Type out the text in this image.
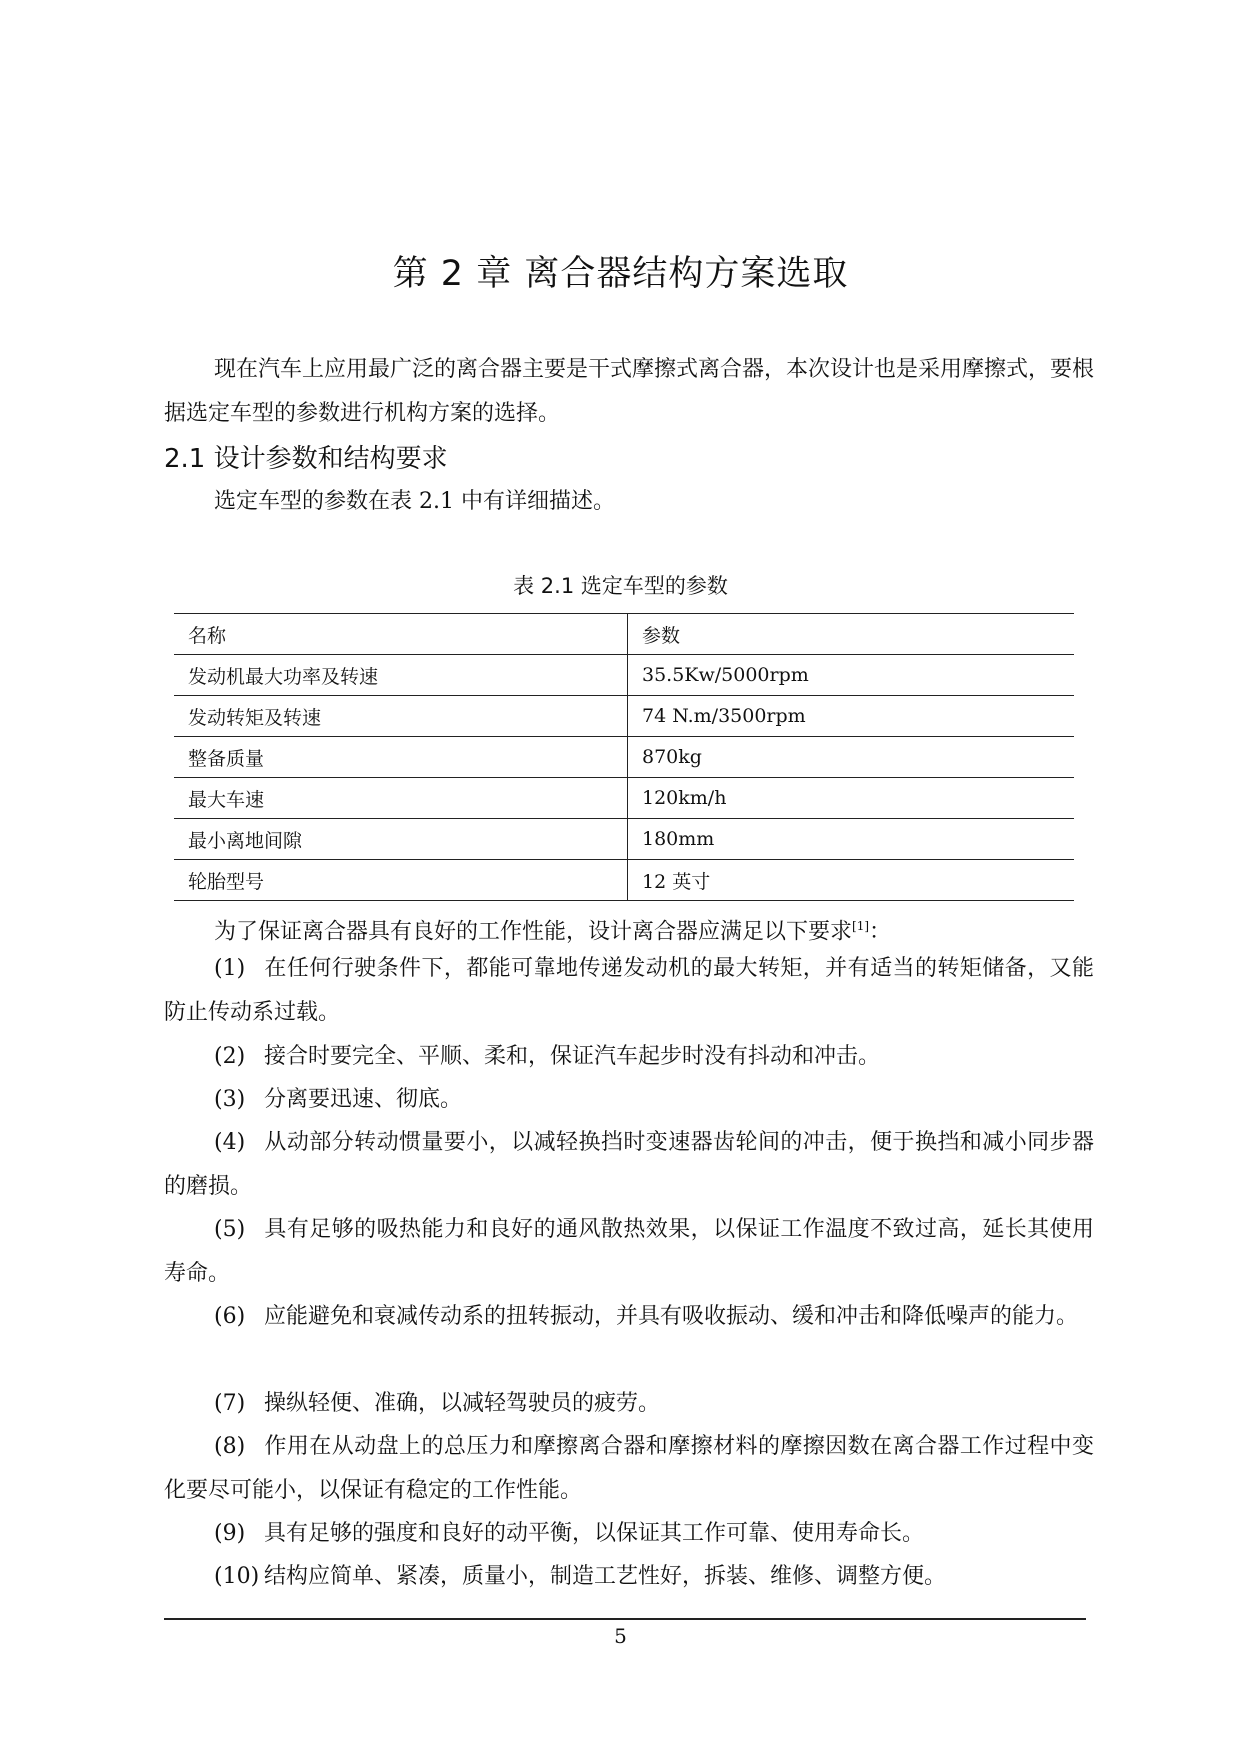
第 2 章 离合器结构方案选取
现在汽车上应用最广泛的离合器主要是干式摩擦式离合器，本次设计也是采用摩擦式，要根据选定车型的参数进行机构方案的选择。
2.1 设计参数和结构要求
选定车型的参数在表 2.1 中有详细描述。
表 2.1 选定车型的参数
名称	参数
发动机最大功率及转速	35.5Kw/5000rpm
发动转矩及转速	74 N.m/3500rpm
整备质量	870kg
最大车速	120km/h
最小离地间隙	180mm
轮胎型号	12 英寸
为了保证离合器具有良好的工作性能，设计离合器应满足以下要求[1]：
(1) 在任何行驶条件下，都能可靠地传递发动机的最大转矩，并有适当的转矩储备，又能防止传动系过载。
(2) 接合时要完全、平顺、柔和，保证汽车起步时没有抖动和冲击。
(3) 分离要迅速、彻底。
(4) 从动部分转动惯量要小，以减轻换挡时变速器齿轮间的冲击，便于换挡和减小同步器的磨损。
(5) 具有足够的吸热能力和良好的通风散热效果，以保证工作温度不致过高，延长其使用寿命。
(6) 应能避免和衰减传动系的扭转振动，并具有吸收振动、缓和冲击和降低噪声的能力。
(7) 操纵轻便、准确，以减轻驾驶员的疲劳。
(8) 作用在从动盘上的总压力和摩擦离合器和摩擦材料的摩擦因数在离合器工作过程中变化要尽可能小，以保证有稳定的工作性能。
(9) 具有足够的强度和良好的动平衡，以保证其工作可靠、使用寿命长。
(10) 结构应简单、紧凑，质量小，制造工艺性好，拆装、维修、调整方便。
5
